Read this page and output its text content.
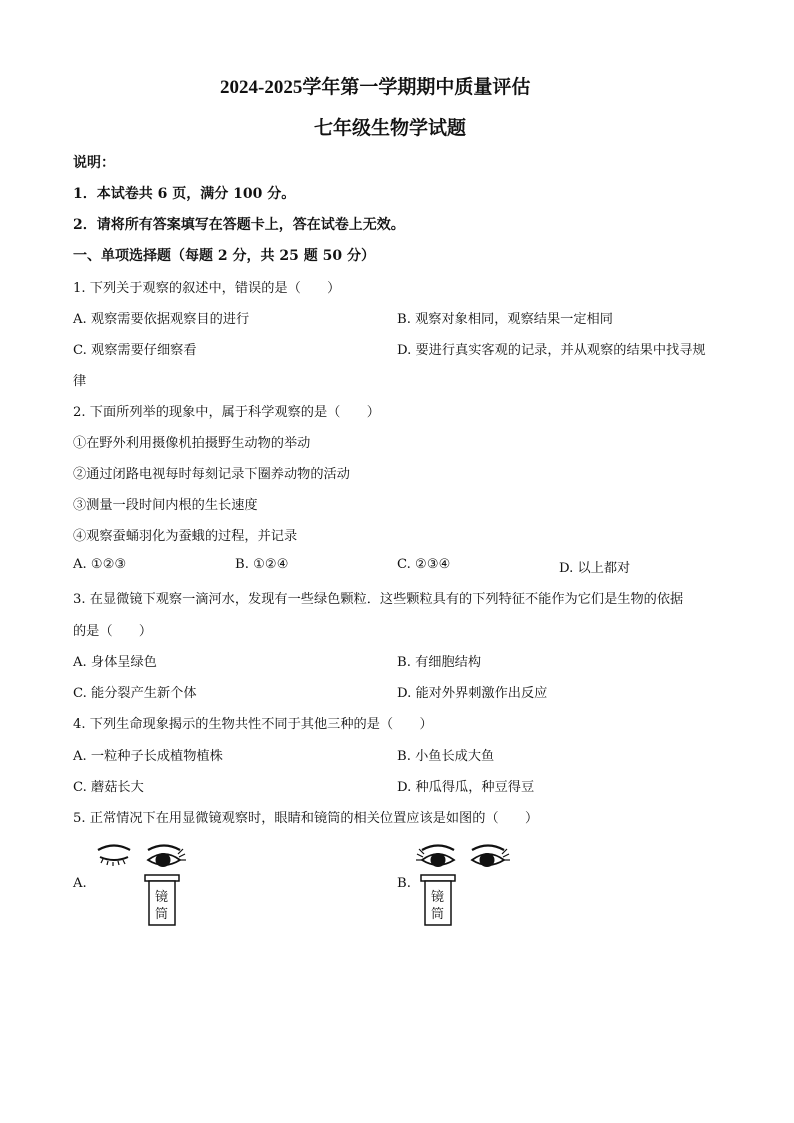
2024-2025学年第一学期期中质量评估
七年级生物学试题
说明：
1．本试卷共 6 页，满分 100 分。
2．请将所有答案填写在答题卡上，答在试卷上无效。
一、单项选择题（每题 2 分，共 25 题 50 分）
1. 下列关于观察的叙述中，错误的是（　　）
A. 观察需要依据观察目的进行	B. 观察对象相同，观察结果一定相同
C. 观察需要仔细察看	D. 要进行真实客观的记录，并从观察的结果中找寻规
律
2. 下面所列举的现象中，属于科学观察的是（　　）
①在野外利用摄像机拍摄野生动物的举动
②通过闭路电视每时每刻记录下圈养动物的活动
③测量一段时间内根的生长速度
④观察蚕蛹羽化为蚕蛾的过程，并记录
A. ①②③	B. ①②④	C. ②③④	D. 以上都对
3. 在显微镜下观察一滴河水，发现有一些绿色颗粒．这些颗粒具有的下列特征不能作为它们是生物的依据
的是（　　）
A. 身体呈绿色	B. 有细胞结构
C. 能分裂产生新个体	D. 能对外界刺激作出反应
4. 下列生命现象揭示的生物共性不同于其他三种的是（　　）
A. 一粒种子长成植物植株	B. 小鱼长成大鱼
C. 蘑菇长大	D. 种瓜得瓜，种豆得豆
5. 正常情况下在用显微镜观察时，眼睛和镜筒的相关位置应该是如图的（　　）
A.	B.
镜
筒
镜
筒
